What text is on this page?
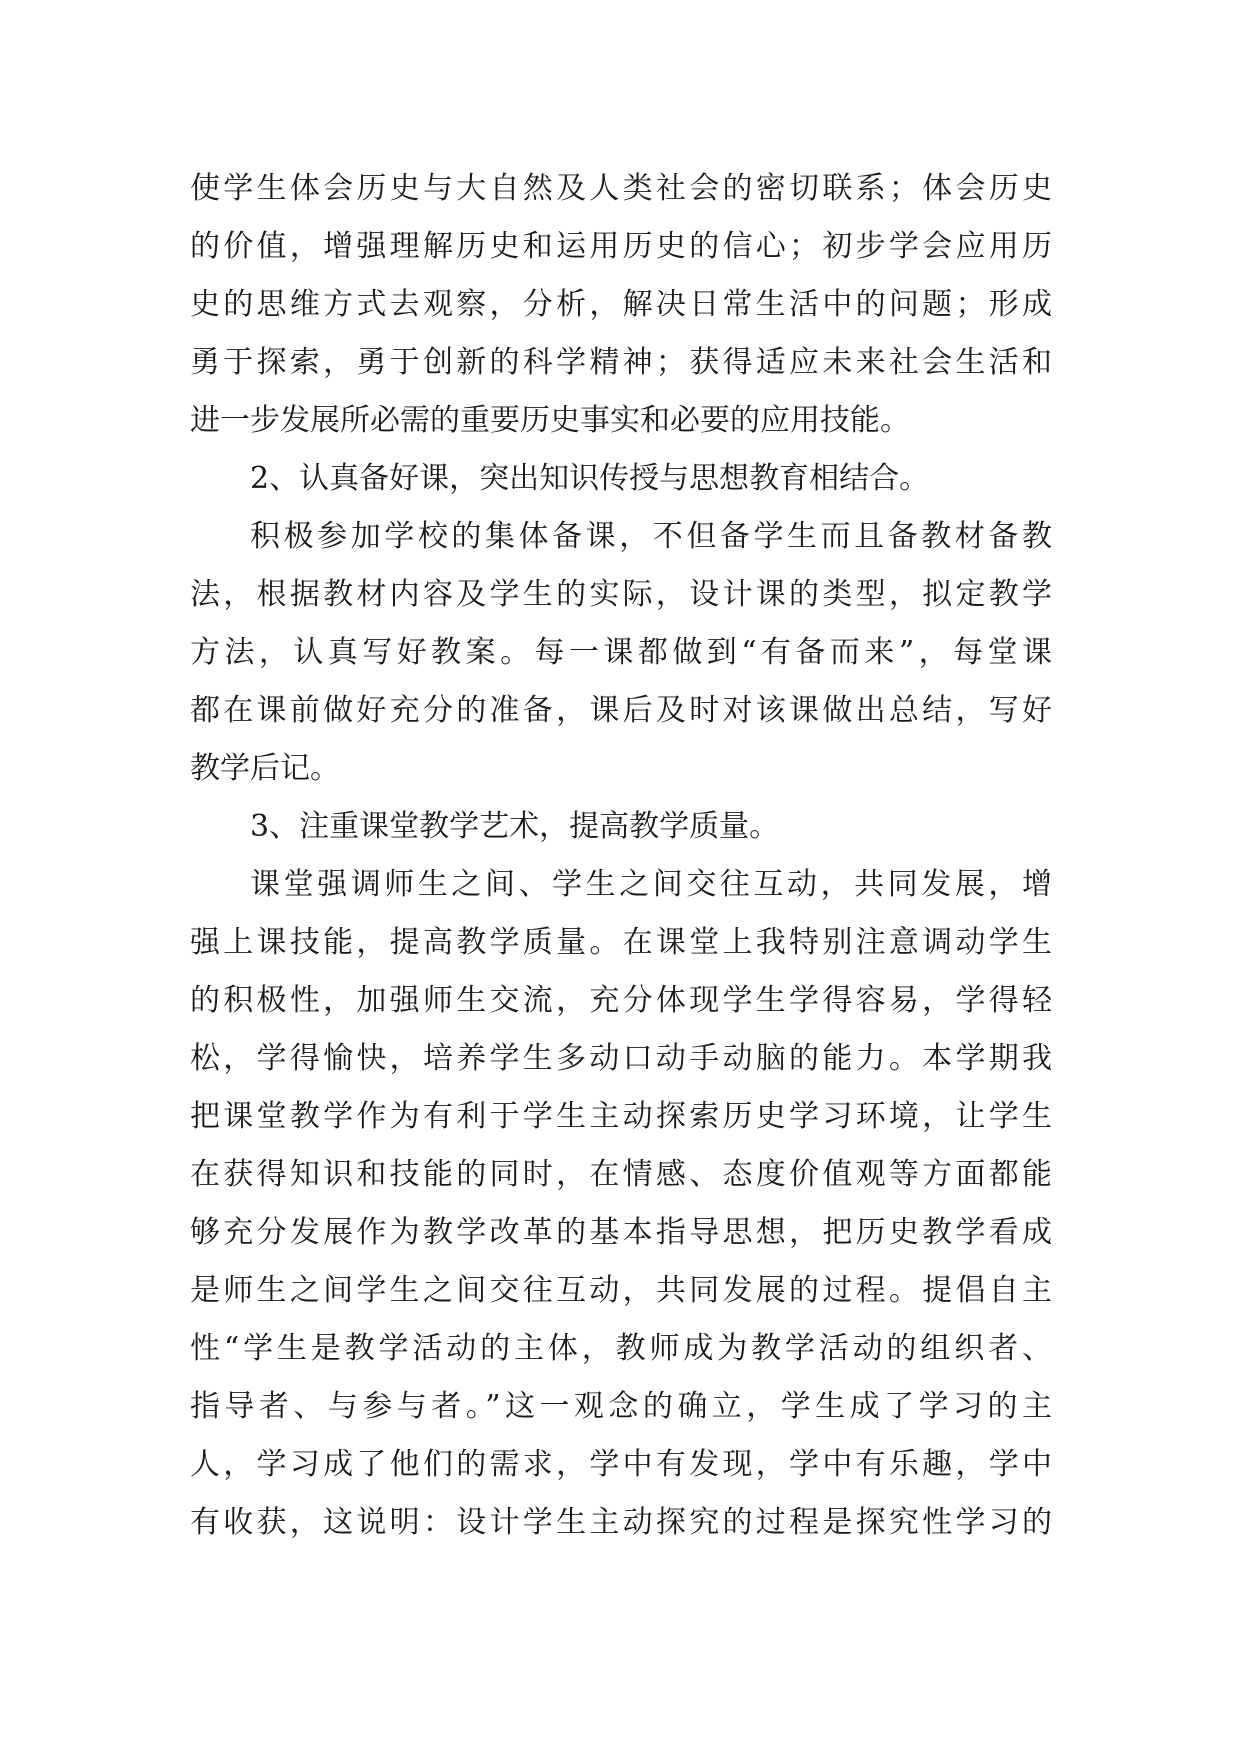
使学生体会历史与大自然及人类社会的密切联系；体会历史
的价值，增强理解历史和运用历史的信心；初步学会应用历
史的思维方式去观察，分析，解决日常生活中的问题；形成
勇于探索，勇于创新的科学精神；获得适应未来社会生活和
进一步发展所必需的重要历史事实和必要的应用技能。
2、认真备好课，突出知识传授与思想教育相结合。
积极参加学校的集体备课，不但备学生而且备教材备教
法，根据教材内容及学生的实际，设计课的类型，拟定教学
方法，认真写好教案。每一课都做到“有备而来”，每堂课
都在课前做好充分的准备，课后及时对该课做出总结，写好
教学后记。
3、注重课堂教学艺术，提高教学质量。
课堂强调师生之间、学生之间交往互动，共同发展，增
强上课技能，提高教学质量。在课堂上我特别注意调动学生
的积极性，加强师生交流，充分体现学生学得容易，学得轻
松，学得愉快，培养学生多动口动手动脑的能力。本学期我
把课堂教学作为有利于学生主动探索历史学习环境，让学生
在获得知识和技能的同时，在情感、态度价值观等方面都能
够充分发展作为教学改革的基本指导思想，把历史教学看成
是师生之间学生之间交往互动，共同发展的过程。提倡自主
性“学生是教学活动的主体，教师成为教学活动的组织者、
指导者、与参与者。”这一观念的确立，学生成了学习的主
人，学习成了他们的需求，学中有发现，学中有乐趣，学中
有收获，这说明：设计学生主动探究的过程是探究性学习的
